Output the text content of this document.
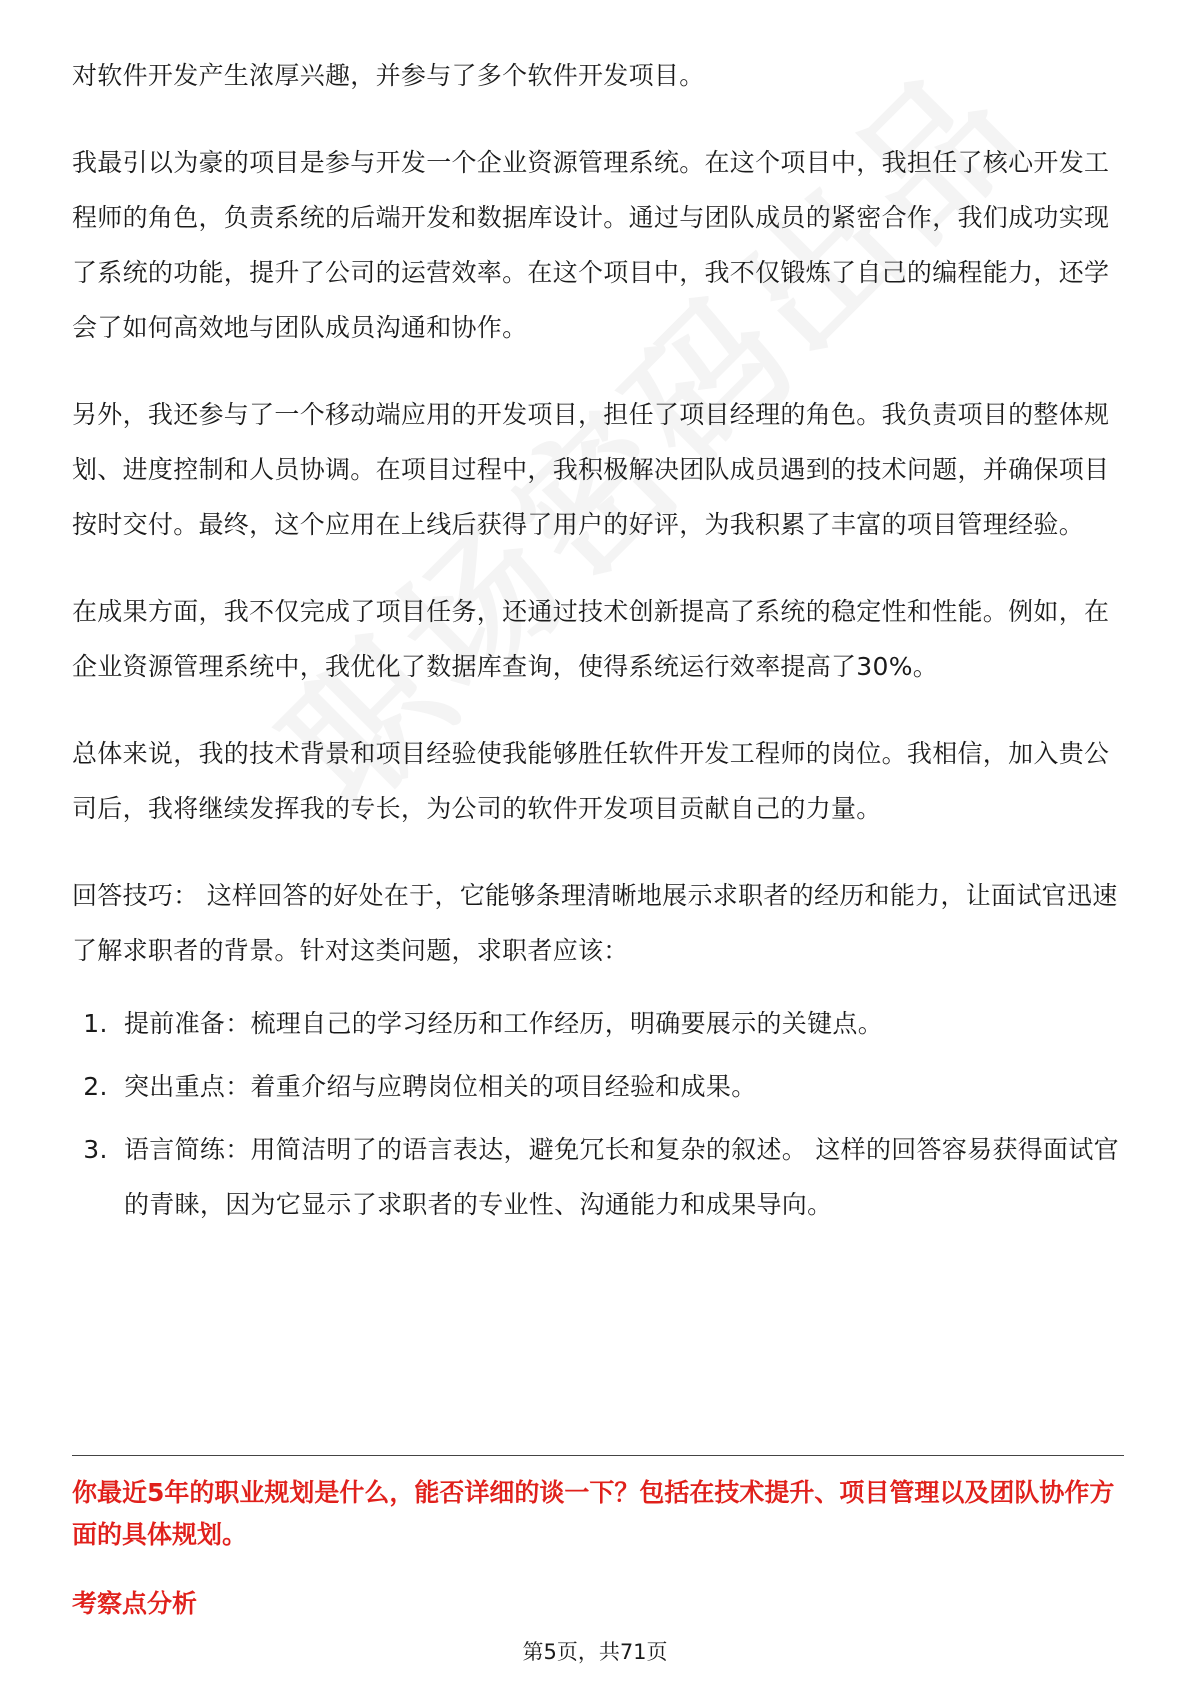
对软件开发产生浓厚兴趣，并参与了多个软件开发项目。

我最引以为豪的项目是参与开发一个企业资源管理系统。在这个项目中，我担任了核心开发工程师的角色，负责系统的后端开发和数据库设计。通过与团队成员的紧密合作，我们成功实现了系统的功能，提升了公司的运营效率。在这个项目中，我不仅锻炼了自己的编程能力，还学会了如何高效地与团队成员沟通和协作。

另外，我还参与了一个移动端应用的开发项目，担任了项目经理的角色。我负责项目的整体规划、进度控制和人员协调。在项目过程中，我积极解决团队成员遇到的技术问题，并确保项目按时交付。最终，这个应用在上线后获得了用户的好评，为我积累了丰富的项目管理经验。

在成果方面，我不仅完成了项目任务，还通过技术创新提高了系统的稳定性和性能。例如，在企业资源管理系统中，我优化了数据库查询，使得系统运行效率提高了30%。

总体来说，我的技术背景和项目经验使我能够胜任软件开发工程师的岗位。我相信，加入贵公司后，我将继续发挥我的专长，为公司的软件开发项目贡献自己的力量。

回答技巧： 这样回答的好处在于，它能够条理清晰地展示求职者的经历和能力，让面试官迅速了解求职者的背景。针对这类问题，求职者应该：

1. 提前准备：梳理自己的学习经历和工作经历，明确要展示的关键点。
2. 突出重点：着重介绍与应聘岗位相关的项目经验和成果。
3. 语言简练：用简洁明了的语言表达，避免冗长和复杂的叙述。 这样的回答容易获得面试官的青睐，因为它显示了求职者的专业性、沟通能力和成果导向。

你最近5年的职业规划是什么，能否详细的谈一下？包括在技术提升、项目管理以及团队协作方面的具体规划。

考察点分析

第5页，共71页
